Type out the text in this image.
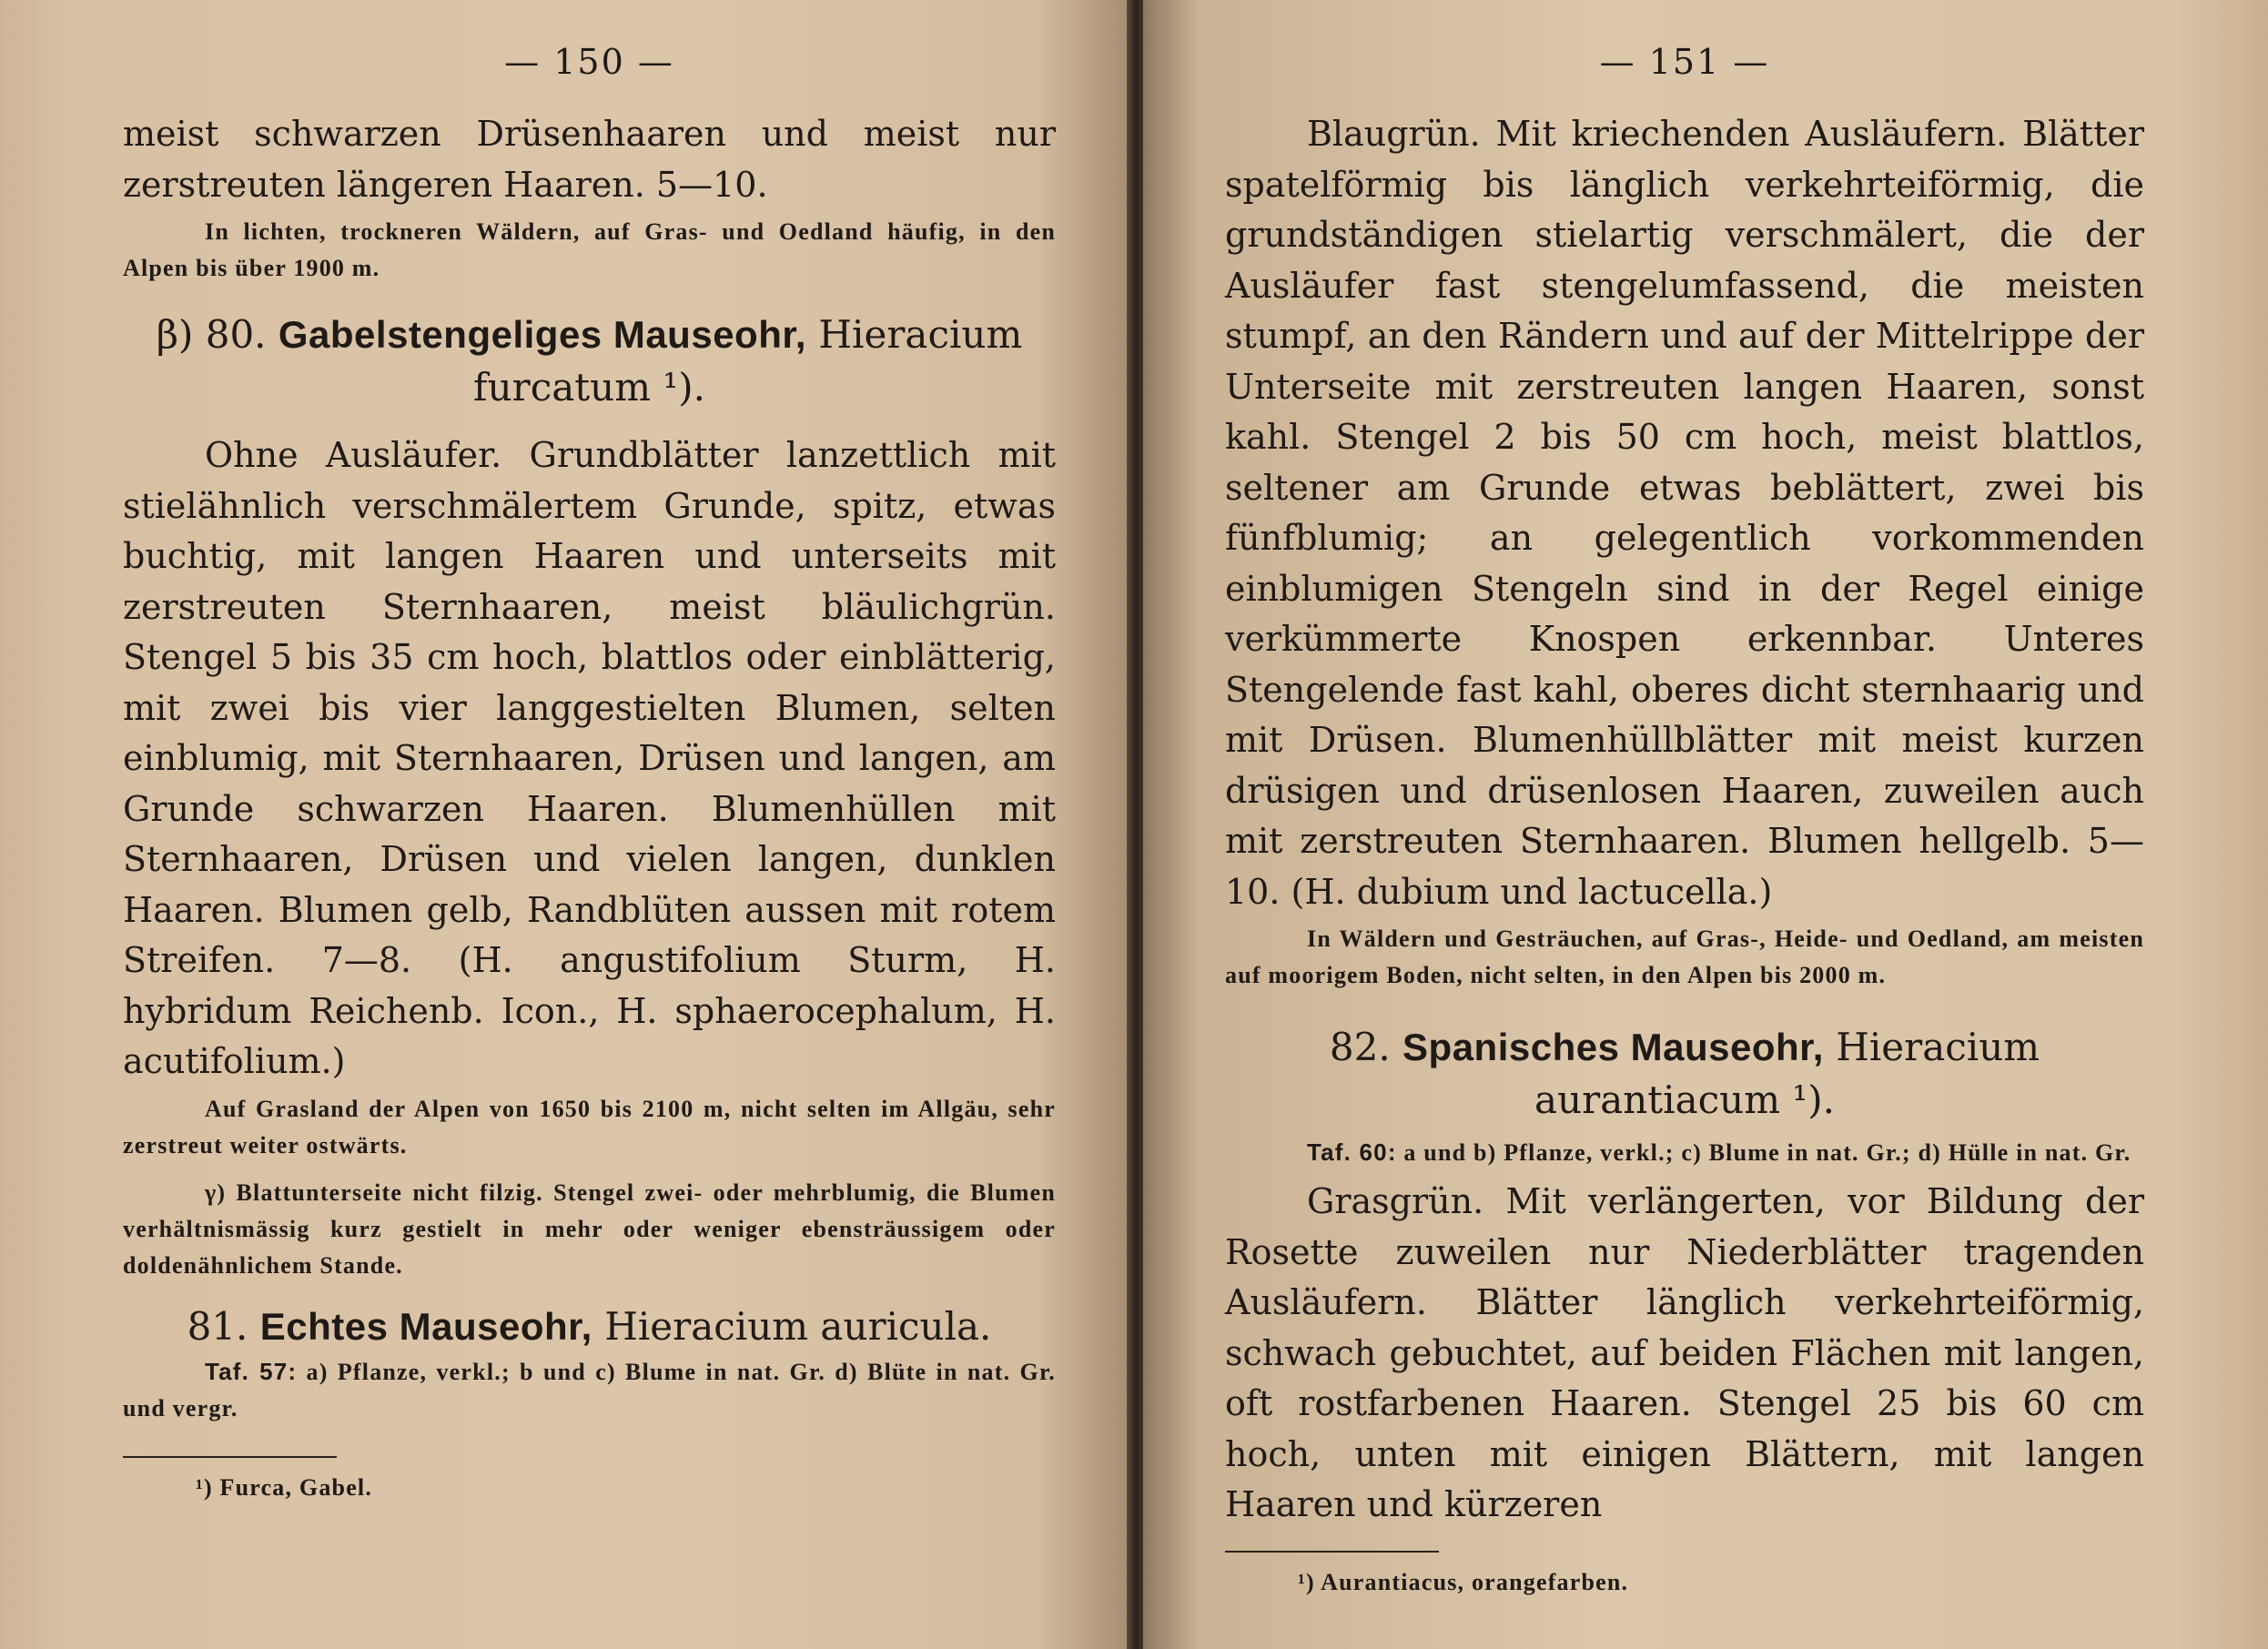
— 150 —

meist schwarzen Drüsenhaaren und meist nur zerstreuten längeren Haaren. 5—10.

In lichten, trockneren Wäldern, auf Gras- und Oedland häufig, in den Alpen bis über 1900 m.

β) 80. Gabelstengeliges Mauseohr, Hieracium furcatum ¹).

Ohne Ausläufer. Grundblätter lanzettlich mit stielähnlich verschmälertem Grunde, spitz, etwas buchtig, mit langen Haaren und unterseits mit zerstreuten Sternhaaren, meist bläulichgrün. Stengel 5 bis 35 cm hoch, blattlos oder einblätterig, mit zwei bis vier langgestielten Blumen, selten einblumig, mit Sternhaaren, Drüsen und langen, am Grunde schwarzen Haaren. Blumenhüllen mit Sternhaaren, Drüsen und vielen langen, dunklen Haaren. Blumen gelb, Randblüten aussen mit rotem Streifen. 7—8. (H. angustifolium Sturm, H. hybridum Reichenb. Icon., H. sphaerocephalum, H. acutifolium.)

Auf Grasland der Alpen von 1650 bis 2100 m, nicht selten im Allgäu, sehr zerstreut weiter ostwärts.

γ) Blattunterseite nicht filzig. Stengel zwei- oder mehrblumig, die Blumen verhältnismässig kurz gestielt in mehr oder weniger ebensträussigem oder doldenähnlichem Stande.

81. Echtes Mauseohr, Hieracium auricula.

Taf. 57: a) Pflanze, verkl.; b und c) Blume in nat. Gr. d) Blüte in nat. Gr. und vergr.

¹) Furca, Gabel.

— 151 —

Blaugrün. Mit kriechenden Ausläufern. Blätter spatelförmig bis länglich verkehrteiförmig, die grundständigen stielartig verschmälert, die der Ausläufer fast stengelumfassend, die meisten stumpf, an den Rändern und auf der Mittelrippe der Unterseite mit zerstreuten langen Haaren, sonst kahl. Stengel 2 bis 50 cm hoch, meist blattlos, seltener am Grunde etwas beblättert, zwei bis fünfblumig; an gelegentlich vorkommenden einblumigen Stengeln sind in der Regel einige verkümmerte Knospen erkennbar. Unteres Stengelende fast kahl, oberes dicht sternhaarig und mit Drüsen. Blumenhüllblätter mit meist kurzen drüsigen und drüsenlosen Haaren, zuweilen auch mit zerstreuten Sternhaaren. Blumen hellgelb. 5—10. (H. dubium und lactucella.)

In Wäldern und Gesträuchen, auf Gras-, Heide- und Oedland, am meisten auf moorigem Boden, nicht selten, in den Alpen bis 2000 m.

82. Spanisches Mauseohr, Hieracium aurantiacum ¹).

Taf. 60: a und b) Pflanze, verkl.; c) Blume in nat. Gr.; d) Hülle in nat. Gr.

Grasgrün. Mit verlängerten, vor Bildung der Rosette zuweilen nur Niederblätter tragenden Ausläufern. Blätter länglich verkehrteiförmig, schwach gebuchtet, auf beiden Flächen mit langen, oft rostfarbenen Haaren. Stengel 25 bis 60 cm hoch, unten mit einigen Blättern, mit langen Haaren und kürzeren

¹) Aurantiacus, orangefarben.
